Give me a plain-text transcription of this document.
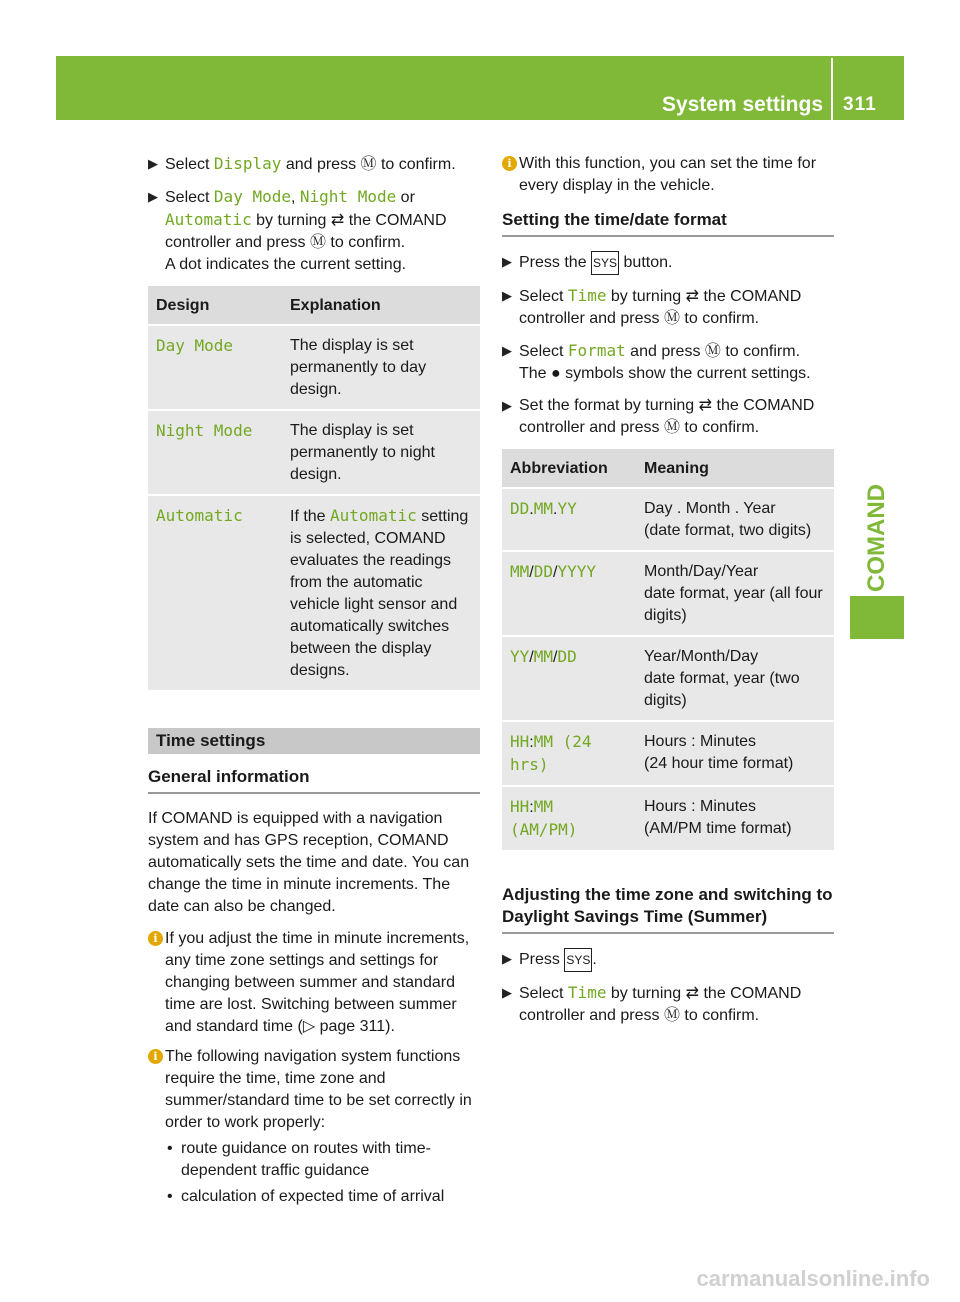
System settings 311
COMAND
▶ Select Display and press Ⓜ to confirm.

▶ Select Day Mode, Night Mode or Automatic by turning ⇄ the COMAND controller and press Ⓜ to confirm.

A dot indicates the current setting.

Design	Explanation
Day Mode	The display is set permanently to day design.
Night Mode	The display is set permanently to night design.
Automatic	If the Automatic setting is selected, COMAND evaluates the readings from the automatic vehicle light sensor and automatically switches between the display designs.
Time settings
General information

If COMAND is equipped with a navigation system and has GPS reception, COMAND automatically sets the time and date. You can change the time in minute increments. The date can also be changed.

i If you adjust the time in minute increments, any time zone settings and settings for changing between summer and standard time are lost. Switching between summer and standard time (▷ page 311).
i The following navigation system functions require the time, time zone and summer/standard time to be set correctly in order to work properly:
• route guidance on routes with time-dependent traffic guidance
• calculation of expected time of arrival
i With this function, you can set the time for every display in the vehicle.
Setting the time/date format
▶ Press the SYS button.

▶ Select Time by turning ⇄ the COMAND controller and press Ⓜ to confirm.

▶ Select Format and press Ⓜ to confirm.

The ● symbols show the current settings.

▶ Set the format by turning ⇄ the COMAND controller and press Ⓜ to confirm.

Abbreviation	Meaning
DD.MM.YY	Day . Month . Year
(date format, two digits)

MM/DD/YYYY	Month/Day/Year
date format, year (all four digits)

YY/MM/DD	Year/Month/Day
date format, year (two digits)

HH:MM (24 hrs)	Hours : Minutes
(24 hour time format)

HH:MM (AM/PM)	Hours : Minutes
(AM/PM time format)
Adjusting the time zone and switching to Daylight Savings Time (Summer)
▶ Press SYS .

▶ Select Time by turning ⇄ the COMAND controller and press Ⓜ to confirm.

carmanualsonline.info
